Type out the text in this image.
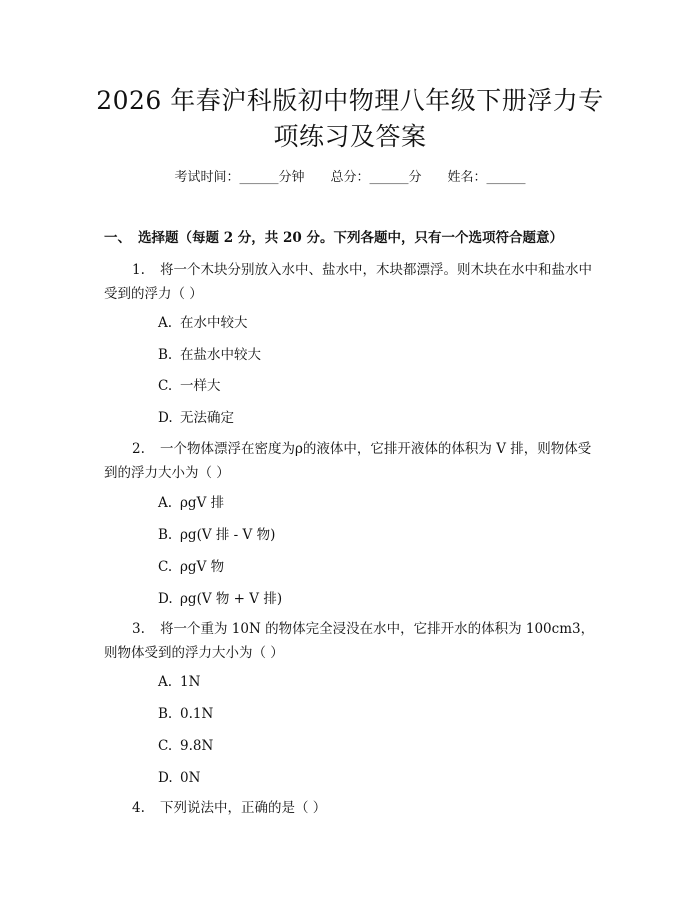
2026 年春沪科版初中物理八年级下册浮力专
项练习及答案
考试时间：______分钟 总分：______分 姓名：______
一、 选择题（每题 2 分，共 20 分。下列各题中，只有一个选项符合题意）
1. 将一个木块分别放入水中、盐水中，木块都漂浮。则木块在水中和盐水中受到的浮力（ ）
A. 在水中较大
B. 在盐水中较大
C. 一样大
D. 无法确定
2. 一个物体漂浮在密度为ρ的液体中，它排开液体的体积为 V 排，则物体受到的浮力大小为（ ）
A. ρgV 排
B. ρg(V 排 - V 物)
C. ρgV 物
D. ρg(V 物 + V 排)
3. 将一个重为 10N 的物体完全浸没在水中，它排开水的体积为 100cm3，则物体受到的浮力大小为（ ）
A. 1N
B. 0.1N
C. 9.8N
D. 0N
4. 下列说法中，正确的是（ ）
